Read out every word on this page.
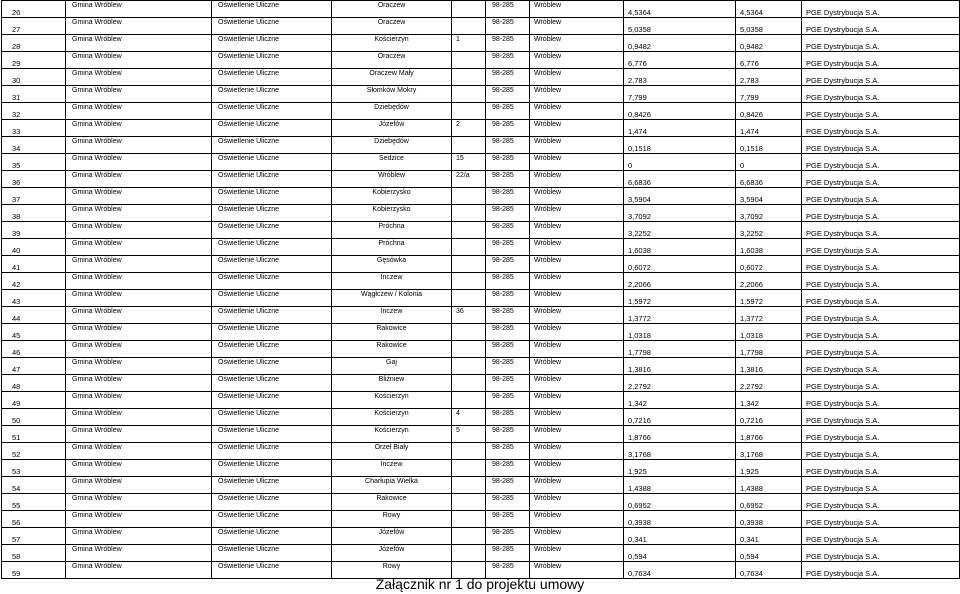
26	Gmina Wróblew	Oświetlenie Uliczne	Oraczew		98-285	Wróblew	4,5364	4,5364	PGE Dystrybucja S.A.
27	Gmina Wróblew	Oświetlenie Uliczne	Oraczew		98-285	Wróblew	5,0358	5,0358	PGE Dystrybucja S.A.
28	Gmina Wróblew	Oświetlenie Uliczne	Kościerzyn	1	98-285	Wróblew	0,9482	0,9482	PGE Dystrybucja S.A.
29	Gmina Wróblew	Oświetlenie Uliczne	Oraczew		98-285	Wróblew	6,776	6,776	PGE Dystrybucja S.A.
30	Gmina Wróblew	Oświetlenie Uliczne	Oraczew Mały		98-285	Wróblew	2,783	2,783	PGE Dystrybucja S.A.
31	Gmina Wróblew	Oświetlenie Uliczne	Słomków Mokry		98-285	Wróblew	7,799	7,799	PGE Dystrybucja S.A.
32	Gmina Wróblew	Oświetlenie Uliczne	Dziebędów		98-285	Wróblew	0,8426	0,8426	PGE Dystrybucja S.A.
33	Gmina Wróblew	Oświetlenie Uliczne	Józefów	2	98-285	Wróblew	1,474	1,474	PGE Dystrybucja S.A.
34	Gmina Wróblew	Oświetlenie Uliczne	Dziebędów		98-285	Wróblew	0,1518	0,1518	PGE Dystrybucja S.A.
35	Gmina Wróblew	Oświetlenie Uliczne	Sedzice	15	98-285	Wróblew	0	0	PGE Dystrybucja S.A.
36	Gmina Wróblew	Oświetlenie Uliczne	Wróblew	22/a	98-285	Wróblew	6,6836	6,6836	PGE Dystrybucja S.A.
37	Gmina Wróblew	Oświetlenie Uliczne	Kobierzysko		98-285	Wróblew	3,5904	3,5904	PGE Dystrybucja S.A.
38	Gmina Wróblew	Oświetlenie Uliczne	Kobierzysko		98-285	Wróblew	3,7092	3,7092	PGE Dystrybucja S.A.
39	Gmina Wróblew	Oświetlenie Uliczne	Próchna		98-285	Wróblew	3,2252	3,2252	PGE Dystrybucja S.A.
40	Gmina Wróblew	Oświetlenie Uliczne	Próchna		98-285	Wróblew	1,6038	1,6038	PGE Dystrybucja S.A.
41	Gmina Wróblew	Oświetlenie Uliczne	Gęsówka		98-285	Wróblew	0,6072	0,6072	PGE Dystrybucja S.A.
42	Gmina Wróblew	Oświetlenie Uliczne	Inczew		98-285	Wróblew	2,2066	2,2066	PGE Dystrybucja S.A.
43	Gmina Wróblew	Oświetlenie Uliczne	Wągłczew / Kolonia		98-285	Wróblew	1,5972	1,5972	PGE Dystrybucja S.A.
44	Gmina Wróblew	Oświetlenie Uliczne	Inczew	36	98-285	Wróblew	1,3772	1,3772	PGE Dystrybucja S.A.
45	Gmina Wróblew	Oświetlenie Uliczne	Rakowice		98-285	Wróblew	1,0318	1,0318	PGE Dystrybucja S.A.
46	Gmina Wróblew	Oświetlenie Uliczne	Rakowice		98-285	Wróblew	1,7798	1,7798	PGE Dystrybucja S.A.
47	Gmina Wróblew	Oświetlenie Uliczne	Gaj		98-285	Wróblew	1,3816	1,3816	PGE Dystrybucja S.A.
48	Gmina Wróblew	Oświetlenie Uliczne	Bliźniew		98-285	Wróblew	2,2792	2,2792	PGE Dystrybucja S.A.
49	Gmina Wróblew	Oświetlenie Uliczne	Kościerzyn		98-285	Wróblew	1,342	1,342	PGE Dystrybucja S.A.
50	Gmina Wróblew	Oświetlenie Uliczne	Kościerzyn	4	98-285	Wróblew	0,7216	0,7216	PGE Dystrybucja S.A.
51	Gmina Wróblew	Oświetlenie Uliczne	Kościerzyn	5	98-285	Wróblew	1,8766	1,8766	PGE Dystrybucja S.A.
52	Gmina Wróblew	Oświetlenie Uliczne	Orzeł Biały		98-285	Wróblew	3,1768	3,1768	PGE Dystrybucja S.A.
53	Gmina Wróblew	Oświetlenie Uliczne	Inczew		98-285	Wróblew	1,925	1,925	PGE Dystrybucja S.A.
54	Gmina Wróblew	Oświetlenie Uliczne	Charłupia Wielka		98-285	Wróblew	1,4388	1,4388	PGE Dystrybucja S.A.
55	Gmina Wróblew	Oświetlenie Uliczne	Rakowice		98-285	Wróblew	0,6952	0,6952	PGE Dystrybucja S.A.
56	Gmina Wróblew	Oświetlenie Uliczne	Rowy		98-285	Wróblew	0,3938	0,3938	PGE Dystrybucja S.A.
57	Gmina Wróblew	Oświetlenie Uliczne	Józefów		98-285	Wróblew	0,341	0,341	PGE Dystrybucja S.A.
58	Gmina Wróblew	Oświetlenie Uliczne	Józefów		98-285	Wróblew	0,594	0,594	PGE Dystrybucja S.A.
59	Gmina Wróblew	Oświetlenie Uliczne	Rowy		98-285	Wróblew	0,7634	0,7634	PGE Dystrybucja S.A.
Załącznik nr 1 do projektu umowy
